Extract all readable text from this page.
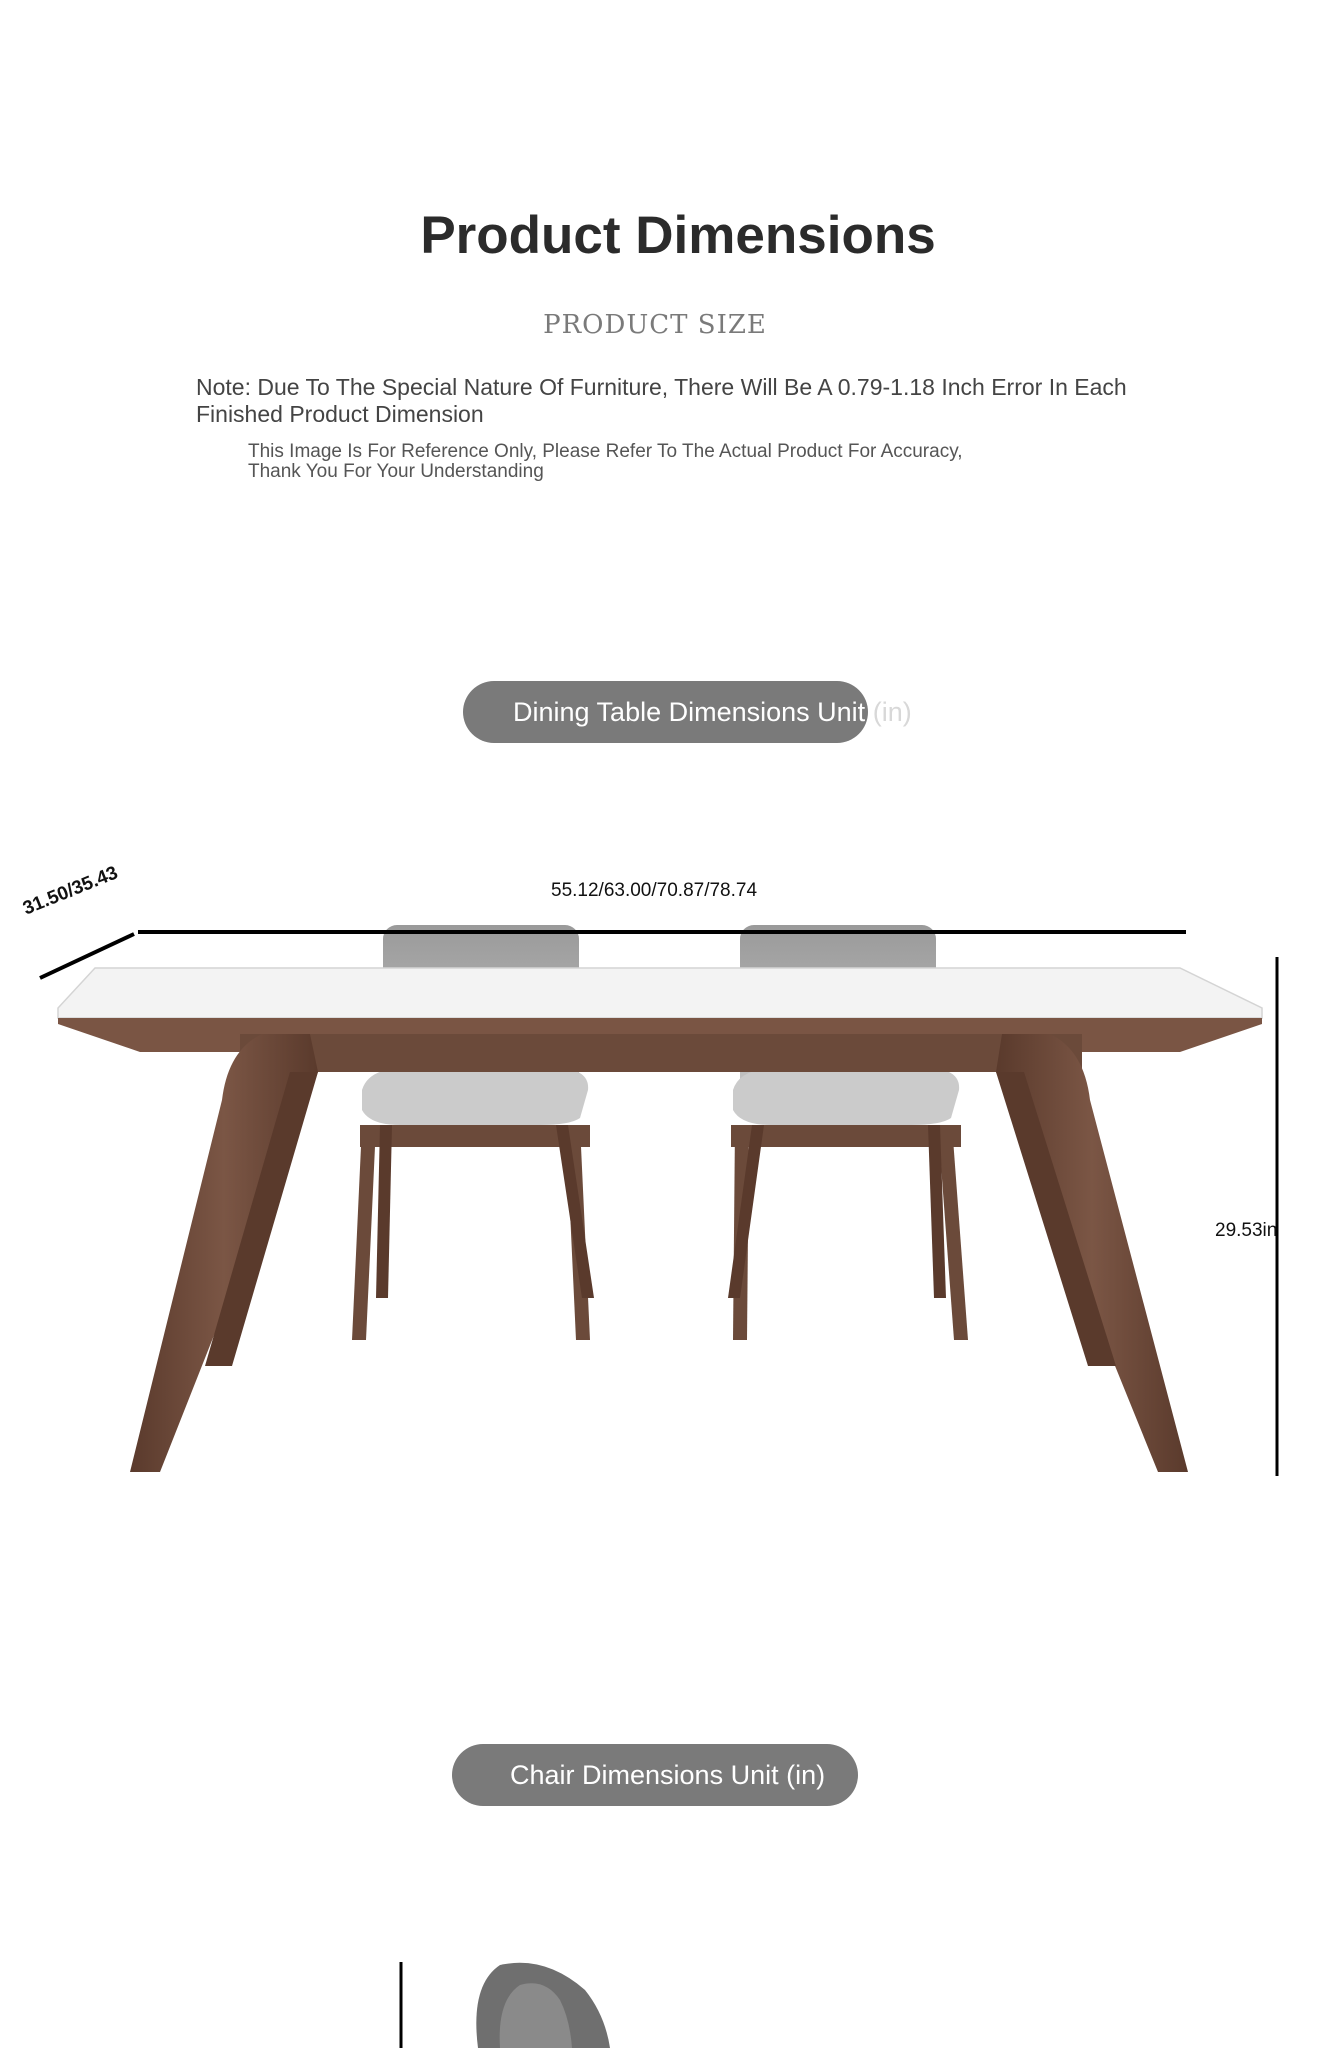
Product Dimensions
PRODUCT SIZE
Note: Due To The Special Nature Of Furniture, There Will Be A 0.79-1.18 Inch Error In Each Finished Product Dimension
This Image Is For Reference Only, Please Refer To The Actual Product For Accuracy,
Thank You For Your Understanding
Dining Table Dimensions Unit (in)
55.12/63.00/70.87/78.74
31.50/35.43
29.53in
Chair Dimensions Unit (in)
